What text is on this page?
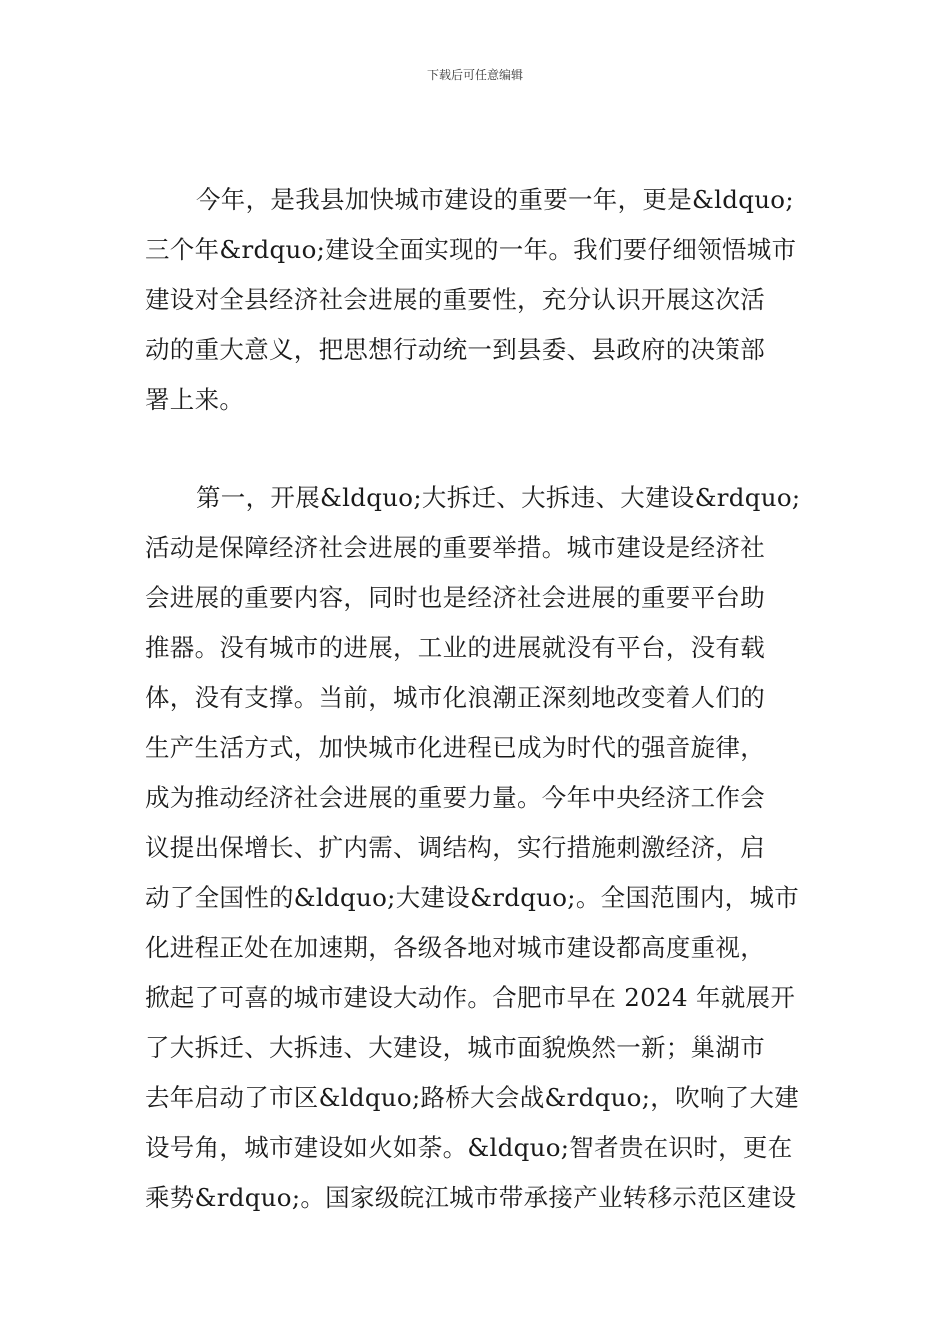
下载后可任意编辑
今年，是我县加快城市建设的重要一年，更是&ldquo;
三个年&rdquo;建设全面实现的一年。我们要仔细领悟城市
建设对全县经济社会进展的重要性，充分认识开展这次活
动的重大意义，把思想行动统一到县委、县政府的决策部
署上来。
第一，开展&ldquo;大拆迁、大拆违、大建设&rdquo;
活动是保障经济社会进展的重要举措。城市建设是经济社
会进展的重要内容，同时也是经济社会进展的重要平台助
推器。没有城市的进展，工业的进展就没有平台，没有载
体，没有支撑。当前，城市化浪潮正深刻地改变着人们的
生产生活方式，加快城市化进程已成为时代的强音旋律，
成为推动经济社会进展的重要力量。今年中央经济工作会
议提出保增长、扩内需、调结构，实行措施刺激经济，启
动了全国性的&ldquo;大建设&rdquo;。全国范围内，城市
化进程正处在加速期，各级各地对城市建设都高度重视，
掀起了可喜的城市建设大动作。合肥市早在 2024 年就展开
了大拆迁、大拆违、大建设，城市面貌焕然一新；巢湖市
去年启动了市区&ldquo;路桥大会战&rdquo;，吹响了大建
设号角，城市建设如火如荼。&ldquo;智者贵在识时，更在
乘势&rdquo;。国家级皖江城市带承接产业转移示范区建设
